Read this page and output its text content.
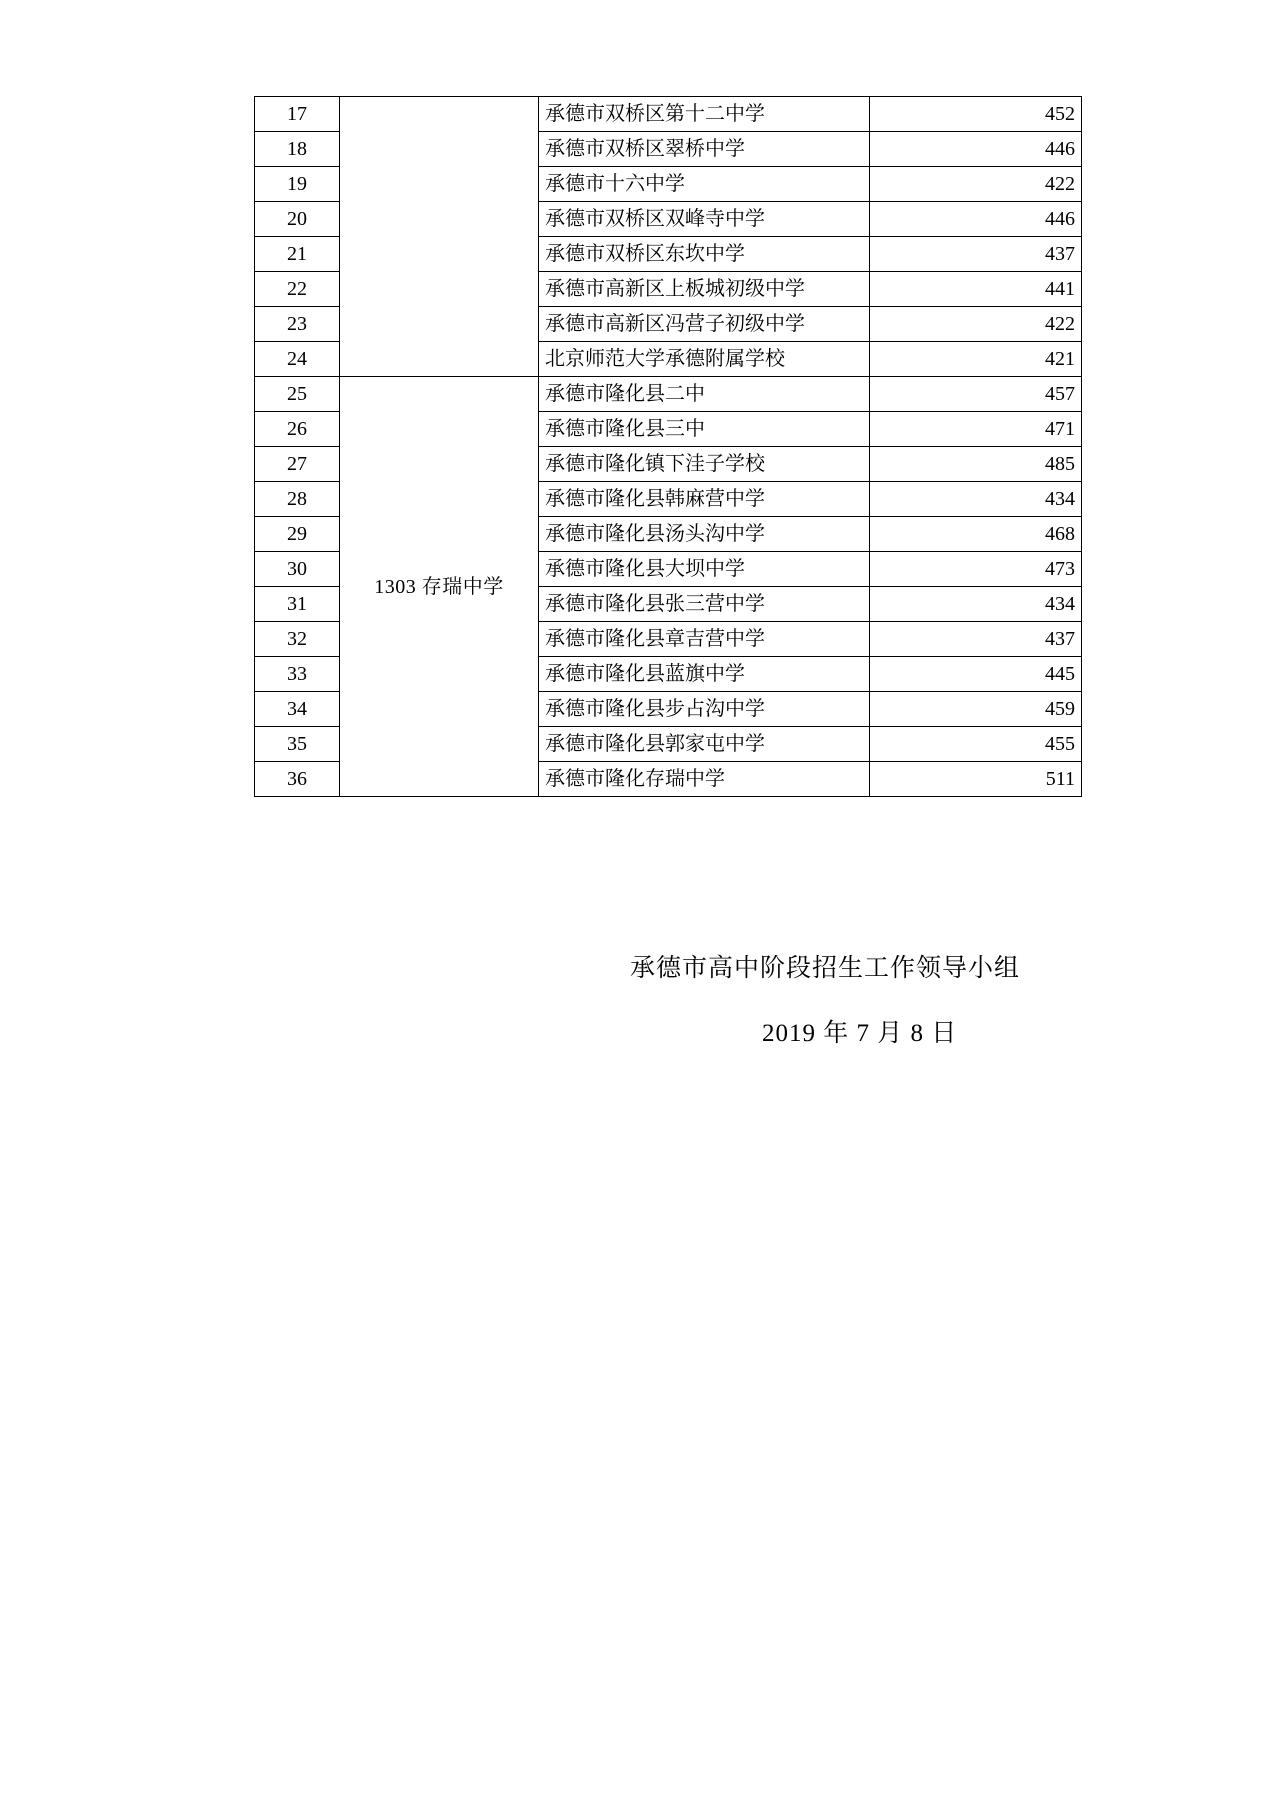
17		承德市双桥区第十二中学	452
18		承德市双桥区翠桥中学	446
19		承德市十六中学	422
20		承德市双桥区双峰寺中学	446
21		承德市双桥区东坎中学	437
22		承德市高新区上板城初级中学	441
23		承德市高新区冯营子初级中学	422
24		北京师范大学承德附属学校	421
25	1303 存瑞中学	承德市隆化县二中	457
26		承德市隆化县三中	471
27		承德市隆化镇下洼子学校	485
28		承德市隆化县韩麻营中学	434
29		承德市隆化县汤头沟中学	468
30		承德市隆化县大坝中学	473
31		承德市隆化县张三营中学	434
32		承德市隆化县章吉营中学	437
33		承德市隆化县蓝旗中学	445
34		承德市隆化县步占沟中学	459
35		承德市隆化县郭家屯中学	455
36		承德市隆化存瑞中学	511
承德市高中阶段招生工作领导小组
2019 年 7 月 8 日
